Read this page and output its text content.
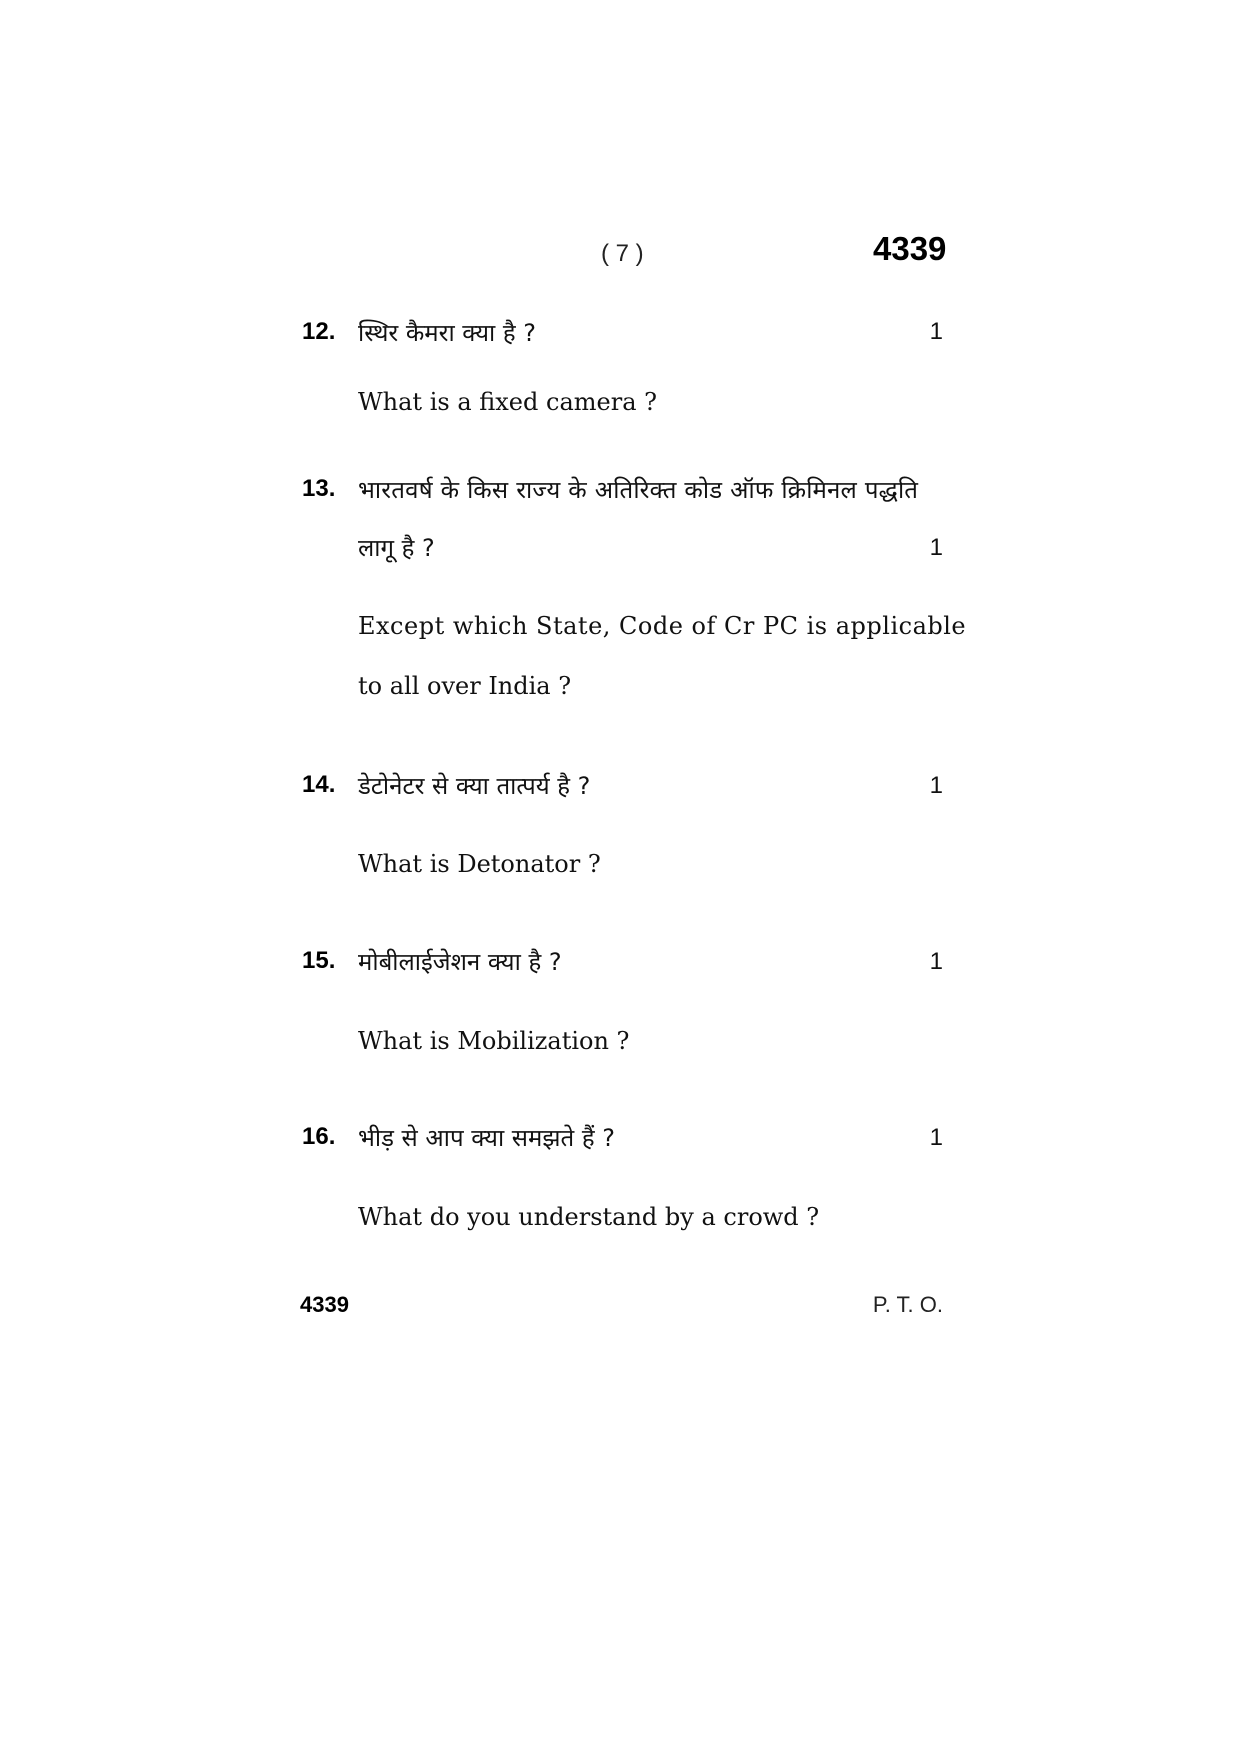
( 7 )	4339
12. स्थिर कैमरा क्या है ?	1
What is a fixed camera ?
13. भारतवर्ष के किस राज्य के अतिरिक्त कोड ऑफ क्रिमिनल पद्धति
लागू है ?	1
Except which State, Code of Cr PC is applicable
to all over India ?
14. डेटोनेटर से क्या तात्पर्य है ?	1
What is Detonator ?
15. मोबीलाईजेशन क्या है ?	1
What is Mobilization ?
16. भीड़ से आप क्या समझते हैं ?	1
What do you understand by a crowd ?
4339	P. T. O.
